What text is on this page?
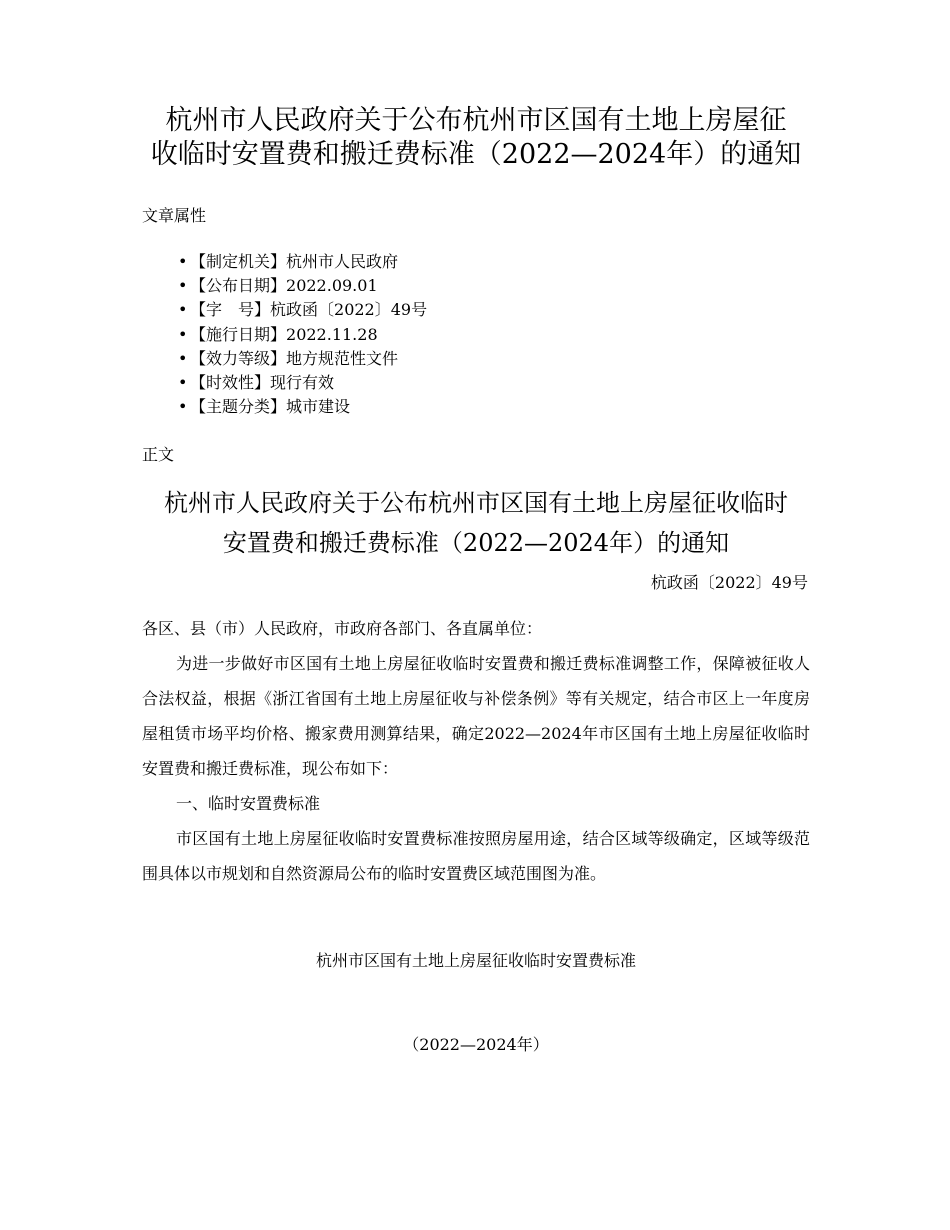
杭州市人民政府关于公布杭州市区国有土地上房屋征
收临时安置费和搬迁费标准（2022—2024年）的通知

文章属性

• 【制定机关】 杭州市人民政府
• 【公布日期】 2022.09.01
• 【字　号】 杭政函〔2022〕49号
• 【施行日期】 2022.11.28
• 【效力等级】 地方规范性文件
• 【时效性】 现行有效
• 【主题分类】 城市建设

正文

杭州市人民政府关于公布杭州市区国有土地上房屋征收临时
安置费和搬迁费标准（2022—2024年）的通知

杭政函〔2022〕49号

各区、县（市）人民政府，市政府各部门、各直属单位：

为进一步做好市区国有土地上房屋征收临时安置费和搬迁费标准调整工作，保障被征收人合法权益，根据《浙江省国有土地上房屋征收与补偿条例》等有关规定，结合市区上一年度房屋租赁市场平均价格、搬家费用测算结果，确定2022—2024年市区国有土地上房屋征收临时安置费和搬迁费标准，现公布如下：

一、临时安置费标准

市区国有土地上房屋征收临时安置费标准按照房屋用途，结合区域等级确定，区域等级范围具体以市规划和自然资源局公布的临时安置费区域范围图为准。

杭州市区国有土地上房屋征收临时安置费标准

（2022—2024年）
